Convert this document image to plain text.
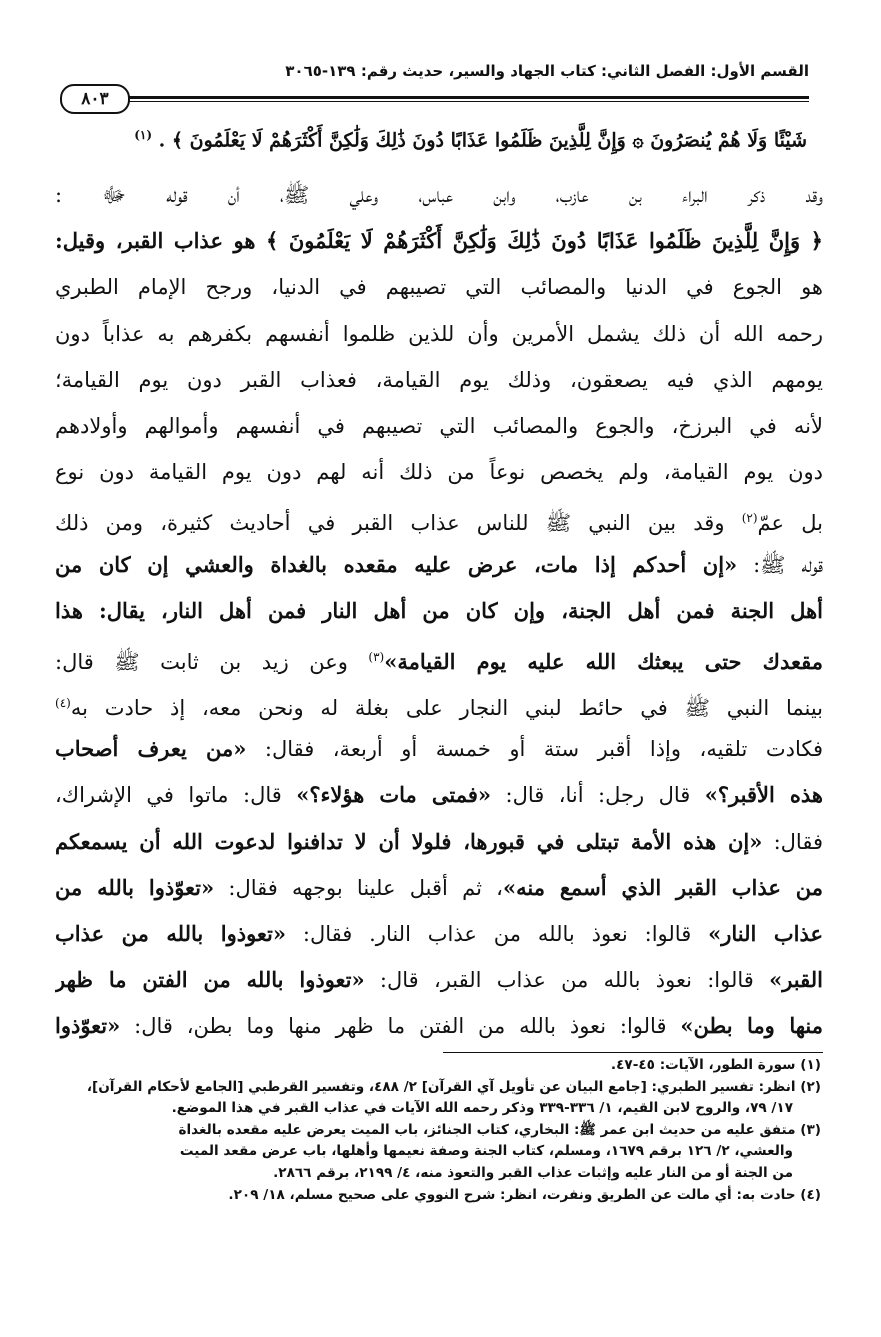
القسم الأول: الفصل الثاني: كتاب الجهاد والسير، حديث رقم: ١٣٩-٣٠٦٥
٨٠٣
شَيْئًا وَلَا هُمْ يُنصَرُونَ ۞ وَإِنَّ لِلَّذِينَ ظَلَمُوا عَذَابًا دُونَ ذَٰلِكَ وَلَٰكِنَّ أَكْثَرَهُمْ لَا يَعْلَمُونَ ﴾ . $^{(١)}$
وقد ذكر البراء بن عازب، وابن عباس، وعلي ﷺ، أن قوله ﷻ :
﴿ وَإِنَّ لِلَّذِينَ ظَلَمُوا عَذَابًا دُونَ ذَٰلِكَ وَلَٰكِنَّ أَكْثَرَهُمْ لَا يَعْلَمُونَ ﴾ هو عذاب القبر، وقيل:
هو الجوع في الدنيا والمصائب التي تصيبهم في الدنيا، ورجح الإمام الطبري
رحمه الله أن ذلك يشمل الأمرين وأن للذين ظلموا أنفسهم بكفرهم به عذاباً دون
يومهم الذي فيه يصعقون، وذلك يوم القيامة، فعذاب القبر دون يوم القيامة؛
لأنه في البرزخ، والجوع والمصائب التي تصيبهم في أنفسهم وأموالهم وأولادهم
دون يوم القيامة، ولم يخصص نوعاً من ذلك أنه لهم دون يوم القيامة دون نوع
بل عمّ$^{(٢)}$ وقد بين النبي ﷺ للناس عذاب القبر في أحاديث كثيرة، ومن ذلك
قوله ﷺ: «إن أحدكم إذا مات، عرض عليه مقعده بالغداة والعشي إن كان من
أهل الجنة فمن أهل الجنة، وإن كان من أهل النار فمن أهل النار، يقال: هذا
مقعدك حتى يبعثك الله عليه يوم القيامة»$^{(٣)}$ وعن زيد بن ثابت ﷺ قال:
بينما النبي ﷺ في حائط لبني النجار على بغلة له ونحن معه، إذ حادت به$^{(٤)}$
فكادت تلقيه، وإذا أقبر ستة أو خمسة أو أربعة، فقال: «من يعرف أصحاب
هذه الأقبر؟» قال رجل: أنا، قال: «فمتى مات هؤلاء؟» قال: ماتوا في الإشراك،
فقال: «إن هذه الأمة تبتلى في قبورها، فلولا أن لا تدافنوا لدعوت الله أن يسمعكم
من عذاب القبر الذي أسمع منه»، ثم أقبل علينا بوجهه فقال: «تعوّذوا بالله من
عذاب النار» قالوا: نعوذ بالله من عذاب النار. فقال: «تعوذوا بالله من عذاب
القبر» قالوا: نعوذ بالله من عذاب القبر، قال: «تعوذوا بالله من الفتن ما ظهر
منها وما بطن» قالوا: نعوذ بالله من الفتن ما ظهر منها وما بطن، قال: «تعوّذوا
(١) سورة الطور، الآيات: ٤٥-٤٧.
(٢) انظر: تفسير الطبري: [جامع البيان عن تأويل آي القرآن] ٢/ ٤٨٨، وتفسير القرطبي [الجامع لأحكام القرآن]،
١٧/ ٧٩، والروح لابن القيم، ١/ ٣٣٦-٣٣٩ وذكر رحمه الله الآيات في عذاب القبر في هذا الموضع.
(٣) متفق عليه من حديث ابن عمر ﷺ: البخاري، كتاب الجنائز، باب الميت يعرض عليه مقعده بالغداة
والعشي، ٢/ ١٢٦ برقم ١٦٧٩، ومسلم، كتاب الجنة وصفة نعيمها وأهلها، باب عرض مقعد الميت
من الجنة أو من النار عليه وإثبات عذاب القبر والتعوذ منه، ٤/ ٢١٩٩، برقم ٢٨٦٦.
(٤) حادت به: أي مالت عن الطريق ونفرت، انظر: شرح النووي على صحيح مسلم، ١٨/ ٢٠٩.
